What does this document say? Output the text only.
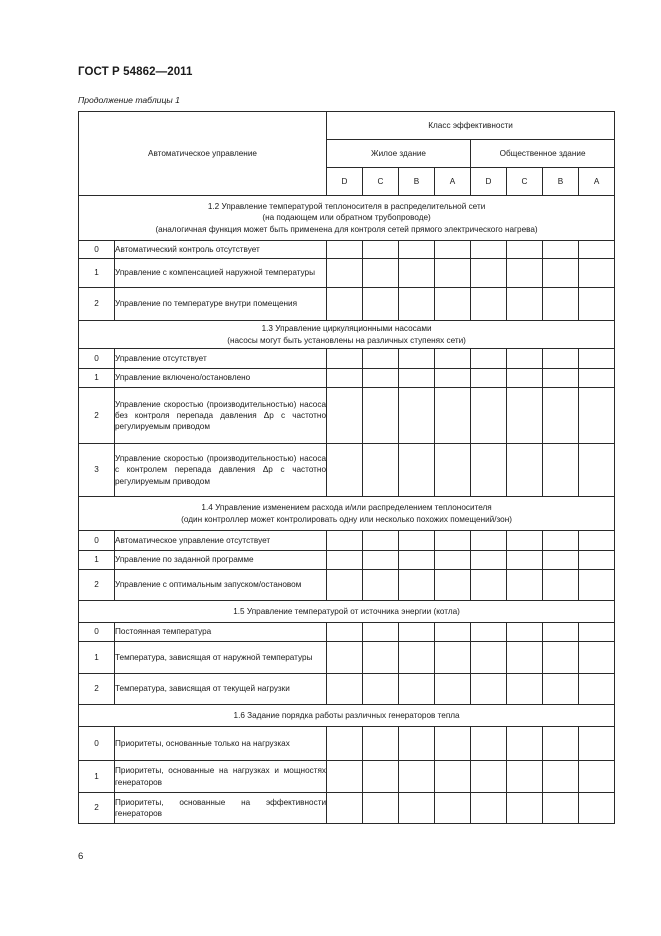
ГОСТ Р 54862—2011
Продолжение таблицы 1
Автоматическое управление		Класс эффективности							
		Жилое здание				Общественное здание			
		D	C	B	A	D	C	B	A

1.2 Управление температурой теплоносителя в распределительной сети
(на подающем или обратном трубопроводе)
(аналогичная функция может быть применена для контроля сетей прямого электрического нагрева)									

0	Автоматический контроль отсутствует								
1	Управление с компенсацией наружной температуры								
2	Управление по температуре внутри помещения								

1.3 Управление циркуляционными насосами
(насосы могут быть установлены на различных ступенях сети)									

0	Управление отсутствует								
1	Управление включено/остановлено								
2	Управление скоростью (производительностью) насоса без контроля перепада давления Δp с частотно регулируемым приводом								
3	Управление скоростью (производительностью) насоса с контролем перепада давления Δp с частотно регулируемым приводом								

1.4 Управление изменением расхода и/или распределением теплоносителя
(один контроллер может контролировать одну или несколько похожих помещений/зон)									

0	Автоматическое управление отсутствует								
1	Управление по заданной программе								
2	Управление с оптимальным запуском/остановом								

1.5 Управление температурой от источника энергии (котла)									

0	Постоянная температура								
1	Температура, зависящая от наружной температуры								
2	Температура, зависящая от текущей нагрузки								

1.6 Задание порядка работы различных генераторов тепла									

0	Приоритеты, основанные только на нагрузках								
1	Приоритеты, основанные на нагрузках и мощностях генераторов								
2	Приоритеты, основанные на эффективности генераторов								
6
